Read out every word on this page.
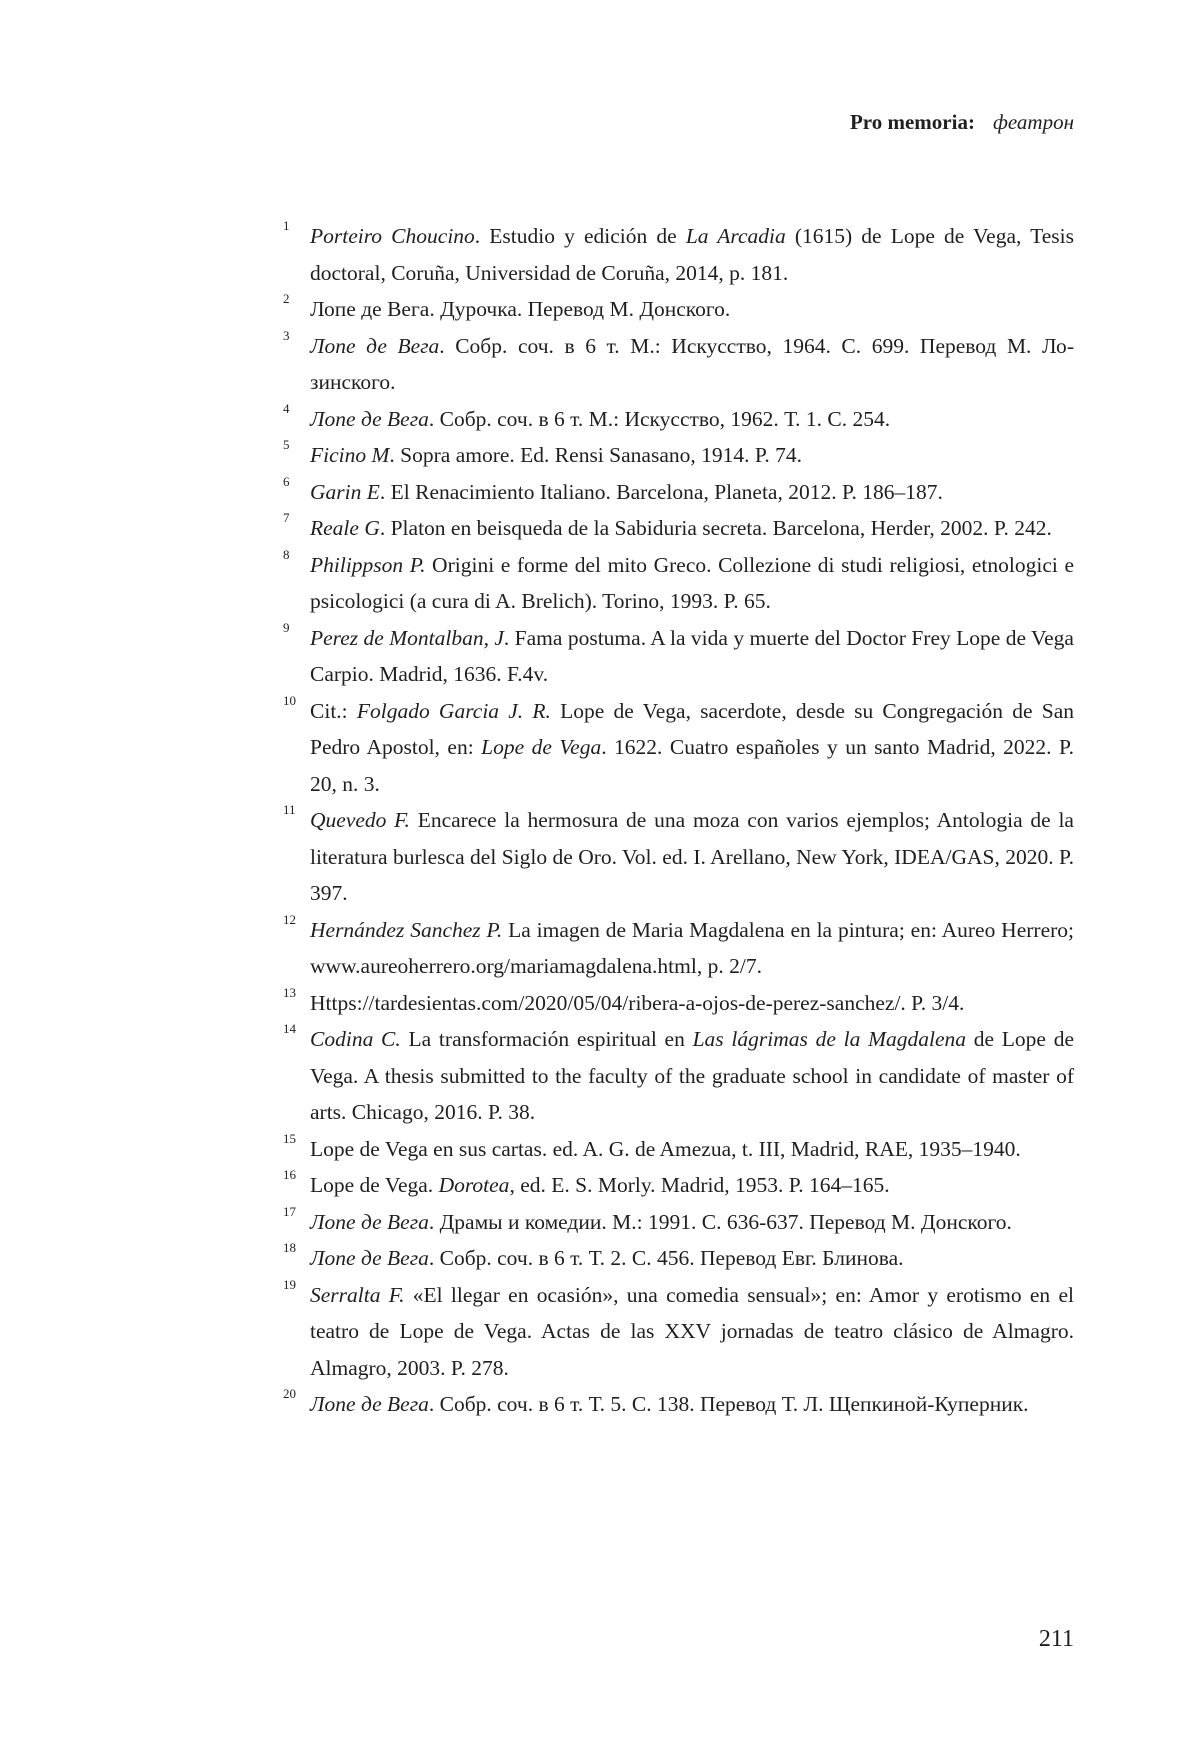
Pro memoria: феатрон
1 Porteiro Choucino. Estudio y edición de La Arcadia (1615) de Lope de Vega, Tesis doctoral, Coruña, Universidad de Coruña, 2014, p. 181.
2 Лопе де Вега. Дурочка. Перевод М. Донского.
3 Лопе де Вега. Собр. соч. в 6 т. М.: Искусство, 1964. С. 699. Перевод М. Ло­зинского.
4 Лопе де Вега. Собр. соч. в 6 т. М.: Искусство, 1962. Т. 1. С. 254.
5 Ficino M. Sopra amore. Ed. Rensi Sanasano, 1914. P. 74.
6 Garin E. El Renacimiento Italiano. Barcelona, Planeta, 2012. P. 186–187.
7 Reale G. Platon en beisqueda de la Sabiduria secreta. Barcelona, Herder, 2002. P. 242.
8 Philippson P. Origini e forme del mito Greco. Collezione di studi religiosi, etnologici e psicologici (a cura di A. Brelich). Torino, 1993. P. 65.
9 Perez de Montalban, J. Fama postuma. A la vida y muerte del Doctor Frey Lope de Vega Carpio. Madrid, 1636. F.4v.
10 Cit.: Folgado Garcia J. R. Lope de Vega, sacerdote, desde su Congregación de San Pedro Apostol, en: Lope de Vega. 1622. Cuatro españoles y un santo Madrid, 2022. P. 20, n. 3.
11 Quevedo F. Encarece la hermosura de una moza con varios ejemplos; Antologia de la literatura burlesca del Siglo de Oro. Vol. ed. I. Arellano, New York, IDEA/GAS, 2020. P. 397.
12 Hernández Sanchez P. La imagen de Maria Magdalena en la pintura; en: Aureo Herrero; www.aureoherrero.org/mariamagdalena.html, p. 2/7.
13 Https://tardesientas.com/2020/05/04/ribera-a-ojos-de-perez-sanchez/. P. 3/4.
14 Codina C. La transformación espiritual en Las lágrimas de la Magdalena de Lope de Vega. A thesis submitted to the faculty of the graduate school in candidate of master of arts. Chicago, 2016. P. 38.
15 Lope de Vega en sus cartas. ed. A. G. de Amezua, t. III, Madrid, RAE, 1935–1940.
16 Lope de Vega. Dorotea, ed. E. S. Morly. Madrid, 1953. P. 164–165.
17 Лопе де Вега. Драмы и комедии. М.: 1991. С. 636-637. Перевод М. Дон­ского.
18 Лопе де Вега. Собр. соч. в 6 т. Т. 2. С. 456. Перевод Евг. Блинова.
19 Serralta F. «El llegar en ocasión», una comedia sensual»; en: Amor y erotismo en el teatro de Lope de Vega. Actas de las XXV jornadas de teatro clásico de Almagro. Almagro, 2003. P. 278.
20 Лопе де Вега. Собр. соч. в 6 т. Т. 5. С. 138. Перевод Т. Л. Щепкиной-Ку­перник.
211
